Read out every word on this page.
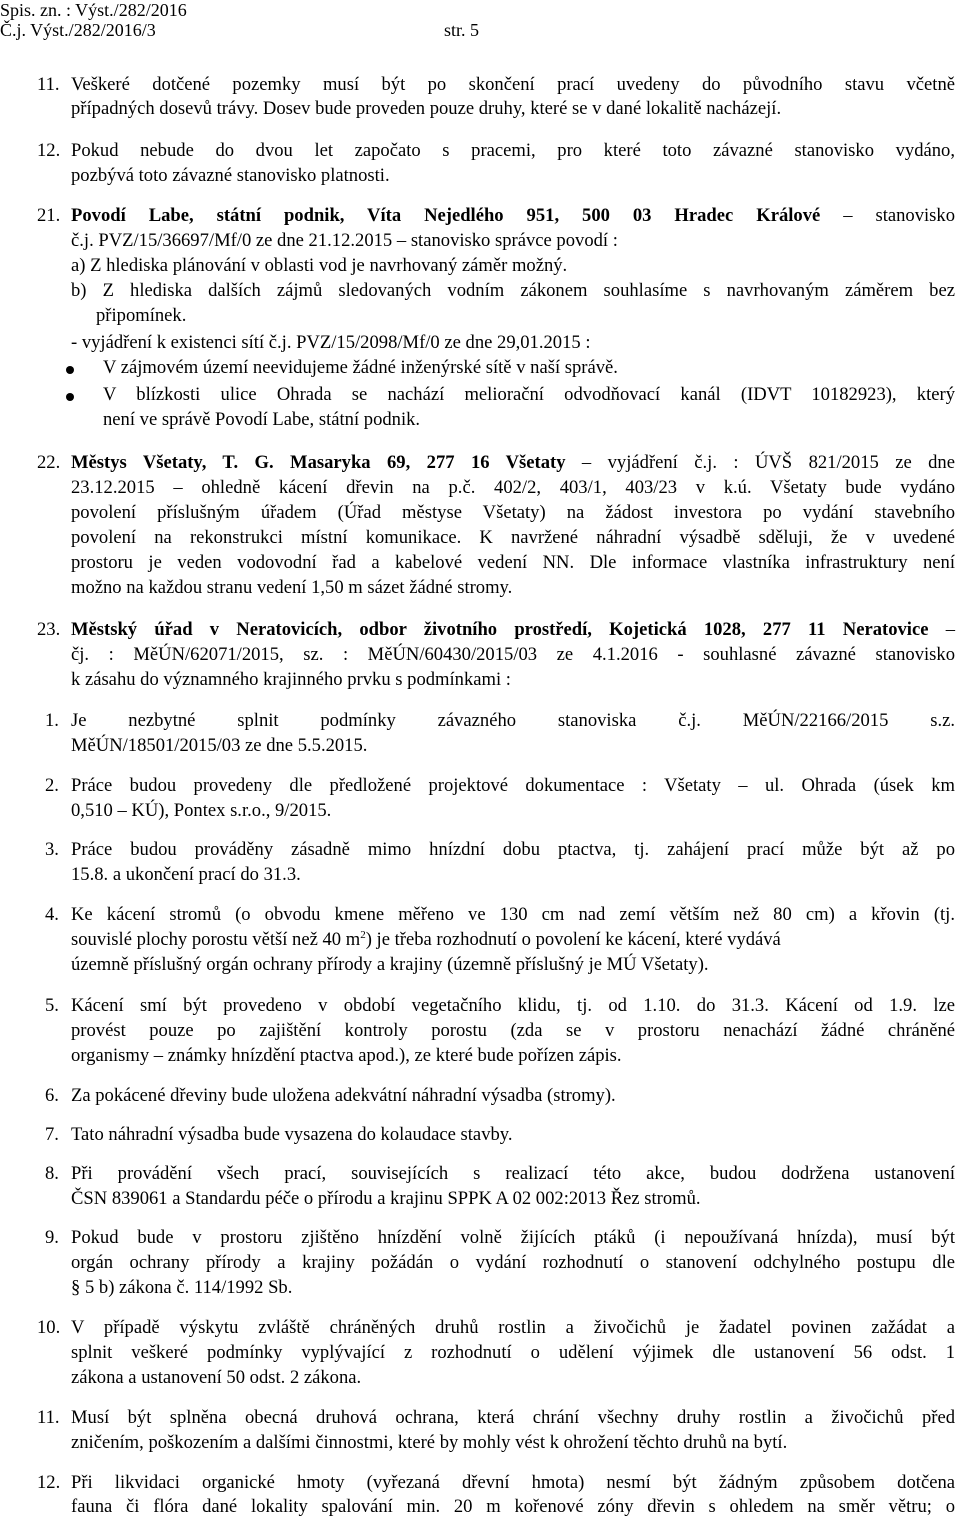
Spis. zn. : Výst./282/2016
Č.j. Výst./282/2016/3	str. 5
11. Veškeré dotčené pozemky musí být po skončení prací uvedeny do původního stavu včetně
případných dosevů trávy. Dosev bude proveden pouze druhy, které se v dané lokalitě nacházejí.
12. Pokud nebude do dvou let započato s pracemi, pro které toto závazné stanovisko vydáno,
pozbývá toto závazné stanovisko platnosti.
21. Povodí Labe, státní podnik, Víta Nejedlého 951, 500 03 Hradec Králové – stanovisko
č.j. PVZ/15/36697/Mf/0 ze dne 21.12.2015 – stanovisko správce povodí :
a) Z hlediska plánování v oblasti vod je navrhovaný záměr možný.
b) Z hlediska dalších zájmů sledovaných vodním zákonem souhlasíme s navrhovaným záměrem bez
připomínek.
- vyjádření k existenci sítí č.j. PVZ/15/2098/Mf/0 ze dne 29,01.2015 :
V zájmovém území neevidujeme žádné inženýrské sítě v naší správě.
V blízkosti ulice Ohrada se nachází meliorační odvodňovací kanál (IDVT 10182923), který
není ve správě Povodí Labe, státní podnik.
22. Městys Všetaty, T. G. Masaryka 69, 277 16 Všetaty – vyjádření č.j. : ÚVŠ 821/2015 ze dne
23.12.2015 – ohledně kácení dřevin na p.č. 402/2, 403/1, 403/23 v k.ú. Všetaty bude vydáno
povolení příslušným úřadem (Úřad městyse Všetaty) na žádost investora po vydání stavebního
povolení na rekonstrukci místní komunikace. K navržené náhradní výsadbě sděluji, že v uvedené
prostoru je veden vodovodní řad a kabelové vedení NN. Dle informace vlastníka infrastruktury není
možno na každou stranu vedení 1,50 m sázet žádné stromy.
23. Městský úřad v Neratovicích, odbor životního prostředí, Kojetická 1028, 277 11 Neratovice –
čj. : MěÚN/62071/2015, sz. : MěÚN/60430/2015/03 ze 4.1.2016 - souhlasné závazné stanovisko
k zásahu do významného krajinného prvku s podmínkami :
1. Je nezbytné splnit podmínky závazného stanoviska č.j. MěÚN/22166/2015 s.z.
MěÚN/18501/2015/03 ze dne 5.5.2015.
2. Práce budou provedeny dle předložené projektové dokumentace : Všetaty – ul. Ohrada (úsek km
0,510 – KÚ), Pontex s.r.o., 9/2015.
3. Práce budou prováděny zásadně mimo hnízdní dobu ptactva, tj. zahájení prací může být až po
15.8. a ukončení prací do 31.3.
4. Ke kácení stromů (o obvodu kmene měřeno ve 130 cm nad zemí větším než 80 cm) a křovin (tj.
souvislé plochy porostu větší než 40 $m^2$) je třeba rozhodnutí o povolení ke kácení, které vydává
územně příslušný orgán ochrany přírody a krajiny (územně příslušný je MÚ Všetaty).
5. Kácení smí být provedeno v období vegetačního klidu, tj. od 1.10. do 31.3. Kácení od 1.9. lze
provést pouze po zajištění kontroly porostu (zda se v prostoru nenachází žádné chráněné
organismy – známky hnízdění ptactva apod.), ze které bude pořízen zápis.
6. Za pokácené dřeviny bude uložena adekvátní náhradní výsadba (stromy).
7. Tato náhradní výsadba bude vysazena do kolaudace stavby.
8. Při provádění všech prací, souvisejících s realizací této akce, budou dodržena ustanovení
ČSN 839061 a Standardu péče o přírodu a krajinu SPPK A 02 002:2013 Řez stromů.
9. Pokud bude v prostoru zjištěno hnízdění volně žijících ptáků (i nepoužívaná hnízda), musí být
orgán ochrany přírody a krajiny požádán o vydání rozhodnutí o stanovení odchylného postupu dle
§ 5 b) zákona č. 114/1992 Sb.
10. V případě výskytu zvláště chráněných druhů rostlin a živočichů je žadatel povinen zažádat a
splnit veškeré podmínky vyplývající z rozhodnutí o udělení výjimek dle ustanovení 56 odst. 1
zákona a ustanovení 50 odst. 2 zákona.
11. Musí být splněna obecná druhová ochrana, která chrání všechny druhy rostlin a živočichů před
zničením, poškozením a dalšími činnostmi, které by mohly vést k ohrožení těchto druhů na bytí.
12. Při likvidaci organické hmoty (vyřezaná dřevní hmota) nesmí být žádným způsobem dotčena
fauna či flóra dané lokality spalování min. 20 m kořenové zóny dřevin s ohledem na směr větru; o
